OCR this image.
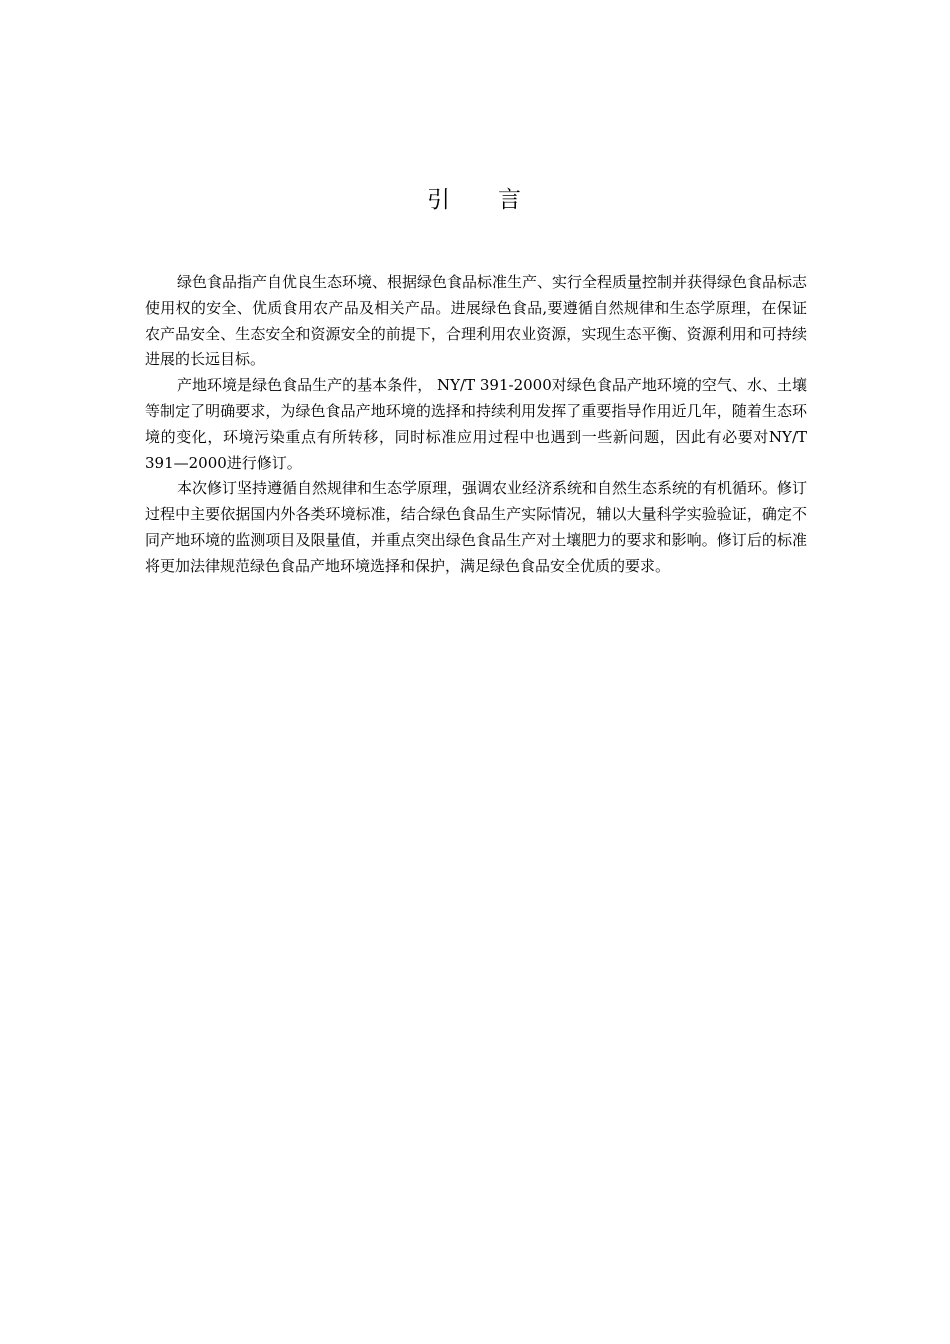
引 言

绿色食品指产自优良生态环境、根据绿色食品标准生产、实行全程质量控制并获得绿色食品标志使用权的安全、优质食用农产品及相关产品。进展绿色食品,要遵循自然规律和生态学原理，在保证农产品安全、生态安全和资源安全的前提下，合理利用农业资源，实现生态平衡、资源利用和可持续进展的长远目标。

产地环境是绿色食品生产的基本条件， NY/T 391-2000对绿色食品产地环境的空气、水、土壤等制定了明确要求，为绿色食品产地环境的选择和持续利用发挥了重要指导作用近几年，随着生态环境的变化，环境污染重点有所转移，同时标准应用过程中也遇到一些新问题，因此有必要对NY/T 391—2000进行修订。

本次修订坚持遵循自然规律和生态学原理，强调农业经济系统和自然生态系统的有机循环。修订过程中主要依据国内外各类环境标准，结合绿色食品生产实际情况，辅以大量科学实验验证，确定不同产地环境的监测项目及限量值，并重点突出绿色食品生产对土壤肥力的要求和影响。修订后的标准将更加法律规范绿色食品产地环境选择和保护，满足绿色食品安全优质的要求。
